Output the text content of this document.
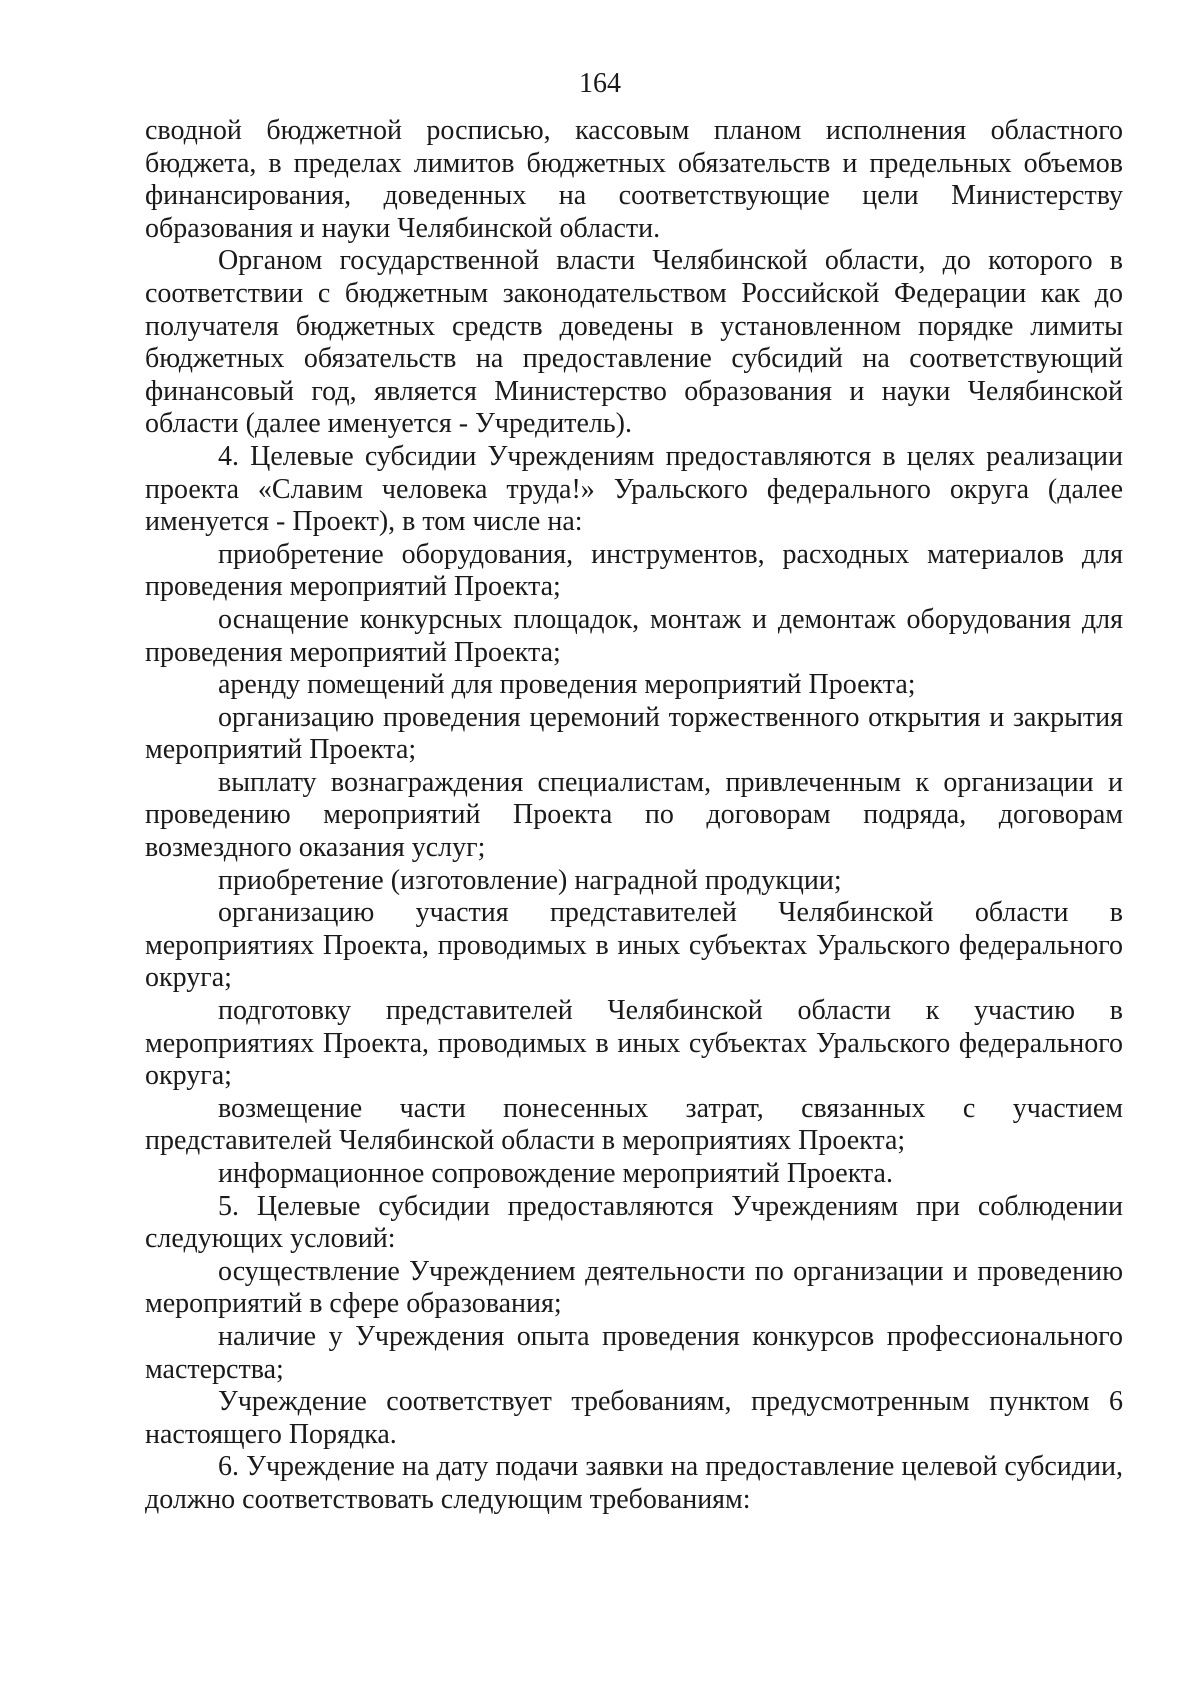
164

сводной бюджетной росписью, кассовым планом исполнения областного бюджета, в пределах лимитов бюджетных обязательств и предельных объемов финансирования, доведенных на соответствующие цели Министерству образования и науки Челябинской области.

Органом государственной власти Челябинской области, до которого в соответствии с бюджетным законодательством Российской Федерации как до получателя бюджетных средств доведены в установленном порядке лимиты бюджетных обязательств на предоставление субсидий на соответствующий финансовый год, является Министерство образования и науки Челябинской области (далее именуется - Учредитель).

4. Целевые субсидии Учреждениям предоставляются в целях реализации проекта «Славим человека труда!» Уральского федерального округа (далее именуется - Проект), в том числе на:

приобретение оборудования, инструментов, расходных материалов для проведения мероприятий Проекта;

оснащение конкурсных площадок, монтаж и демонтаж оборудования для проведения мероприятий Проекта;

аренду помещений для проведения мероприятий Проекта;

организацию проведения церемоний торжественного открытия и закрытия мероприятий Проекта;

выплату вознаграждения специалистам, привлеченным к организации и проведению мероприятий Проекта по договорам подряда, договорам возмездного оказания услуг;

приобретение (изготовление) наградной продукции;

организацию участия представителей Челябинской области в мероприятиях Проекта, проводимых в иных субъектах Уральского федерального округа;

подготовку представителей Челябинской области к участию в мероприятиях Проекта, проводимых в иных субъектах Уральского федерального округа;

возмещение части понесенных затрат, связанных с участием представителей Челябинской области в мероприятиях Проекта;

информационное сопровождение мероприятий Проекта.

5. Целевые субсидии предоставляются Учреждениям при соблюдении следующих условий:

осуществление Учреждением деятельности по организации и проведению мероприятий в сфере образования;

наличие у Учреждения опыта проведения конкурсов профессионального мастерства;

Учреждение соответствует требованиям, предусмотренным пунктом 6 настоящего Порядка.

6. Учреждение на дату подачи заявки на предоставление целевой субсидии, должно соответствовать следующим требованиям:
